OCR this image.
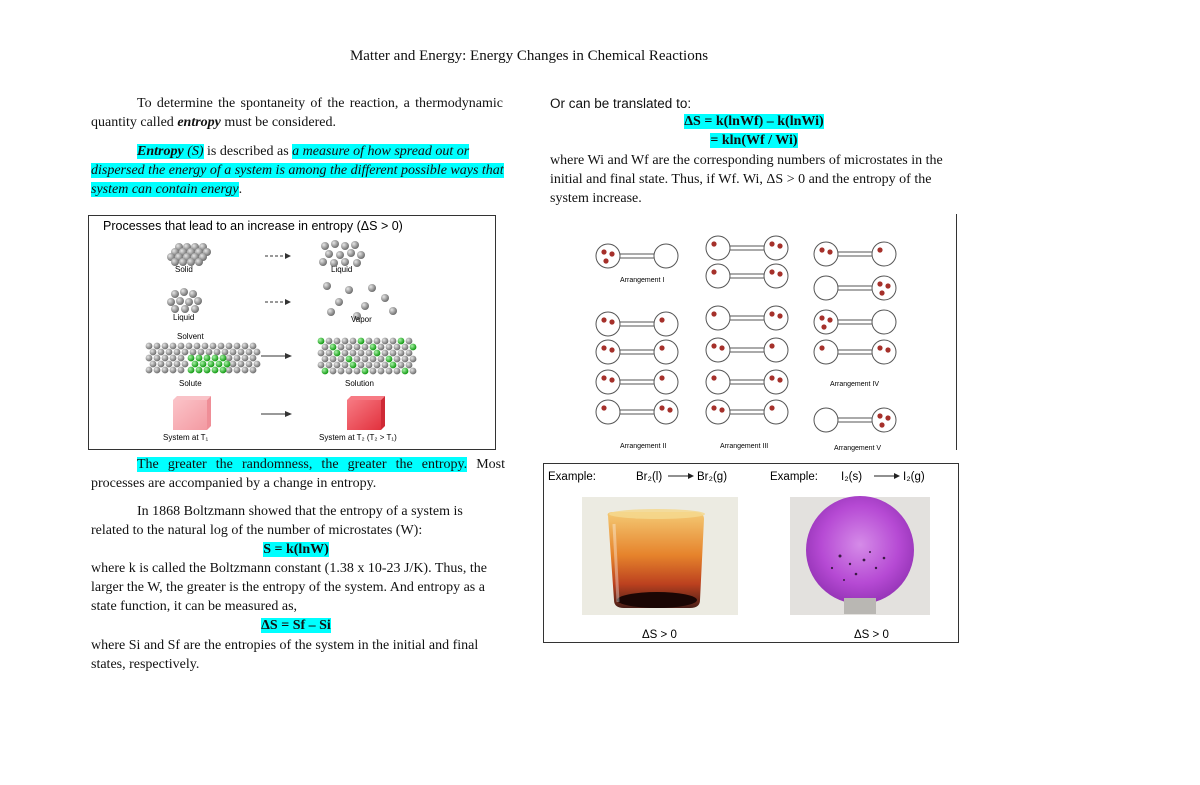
Matter and Energy: Energy Changes in Chemical Reactions
To determine the spontaneity of the reaction, a thermodynamic quantity called entropy must be considered.
Entropy (S) is described as a measure of how spread out or dispersed the energy of a system is among the different possible ways that system can contain energy.
Processes that lead to an increase in entropy (ΔS > 0)
Solid	Liquid
Liquid	Vapor
Solvent
Solute	Solution
System at T₁	System at T₂ (T₂ > T₁)
The greater the randomness, the greater the entropy. Most processes are accompanied by a change in entropy.
In 1868 Boltzmann showed that the entropy of a system is related to the natural log of the number of microstates (W):
S = k(lnW)
where k is called the Boltzmann constant (1.38 x 10-23 J/K). Thus, the larger the W, the greater is the entropy of the system. And entropy as a state function, it can be measured as,
ΔS = Sf – Si
where Si and Sf are the entropies of the system in the initial and final states, respectively.
Or can be translated to:
ΔS = k(lnWf) – k(lnWi)
= kln(Wf / Wi)
where Wi and Wf are the corresponding numbers of microstates in the initial and final state. Thus, if Wf. Wi, ΔS > 0 and the entropy of the system increase.
Arrangement I
Arrangement II	Arrangement III
Arrangement IV
Arrangement V
Example:	Br₂(l)	Br₂(g)	Example: I₂(s)	I₂(g)
ΔS > 0	ΔS > 0
